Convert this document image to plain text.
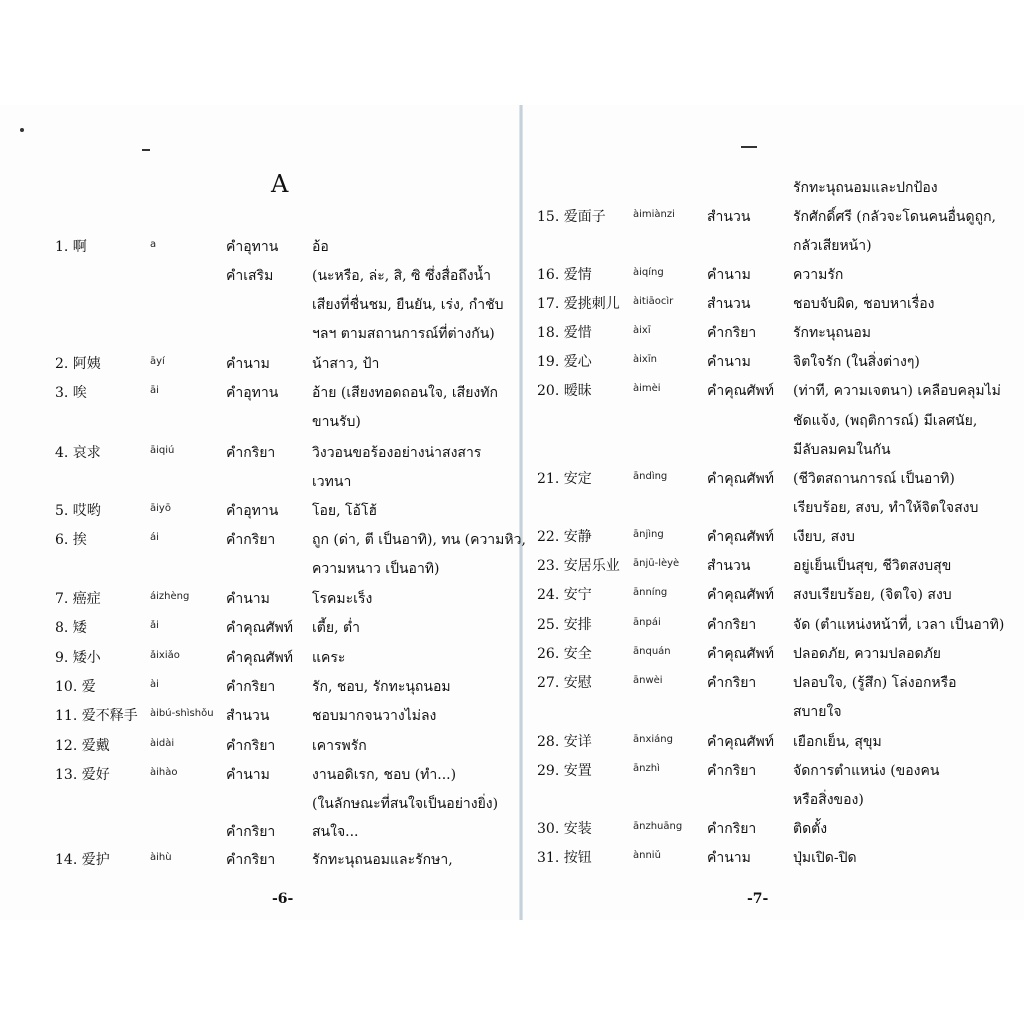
A
1. 啊	a	คำอุทาน อ้อ
คำเสริม	(นะหรือ, ล่ะ, สิ, ซิ ซึ่งสื่อถึงน้ำ
เสียงที่ชื่นชม, ยืนยัน, เร่ง, กำชับ
ฯลฯ ตามสถานการณ์ที่ต่างกัน)
2. 阿姨	āyí	คำนาม	น้าสาว, ป้า
3. 唉	āi	คำอุทาน อ้าย (เสียงทอดถอนใจ, เสียงทัก
ขานรับ)
4. 哀求	āiqiú	คำกริยา	วิงวอนขอร้องอย่างน่าสงสาร
เวทนา
5. 哎哟	āiyō	คำอุทาน โอย, โอ้โฮ้
6. 挨	ái	คำกริยา	ถูก (ด่า, ตี เป็นอาทิ), ทน (ความหิว,
ความหนาว เป็นอาทิ)
7. 癌症	áizhèng	คำนาม	โรคมะเร็ง
8. 矮	ǎi	คำคุณศัพท์ เตี้ย, ต่ำ
9. 矮小	ǎixiǎo	คำคุณศัพท์ แคระ
10. 爱	ài	คำกริยา	รัก, ชอบ, รักทะนุถนอม
11. 爱不释手 àibú-shìshǒu สำนวน	ชอบมากจนวางไม่ลง
12. 爱戴	àidài	คำกริยา	เคารพรัก
13. 爱好	àihào	คำนาม	งานอดิเรก, ชอบ (ทำ...)
(ในลักษณะที่สนใจเป็นอย่างยิ่ง)
คำกริยา	สนใจ...
14. 爱护	àihù	คำกริยา	รักทะนุถนอมและรักษา,
-6-
รักทะนุถนอมและปกป้อง
15. 爱面子	àimiànzi สำนวน	รักศักดิ์ศรี (กลัวจะโดนคนอื่นดูถูก,
กลัวเสียหน้า)
16. 爱情	àiqíng	คำนาม	ความรัก
17. 爱挑刺儿 àitiāocìr สำนวน	ชอบจับผิด, ชอบหาเรื่อง
18. 爱惜	àixī	คำกริยา	รักทะนุถนอม
19. 爱心	àixīn	คำนาม	จิตใจรัก (ในสิ่งต่างๆ)
20. 暧昧	àimèi	คำคุณศัพท์ (ท่าที, ความเจตนา) เคลือบคลุมไม่
ชัดแจ้ง, (พฤติการณ์) มีเลศนัย,
มีลับลมคมในกัน
21. 安定	āndìng	คำคุณศัพท์ (ชีวิตสถานการณ์ เป็นอาทิ)
เรียบร้อย, สงบ, ทำให้จิตใจสงบ
22. 安静	ānjìng	คำคุณศัพท์ เงียบ, สงบ
23. 安居乐业 ānjū-lèyè สำนวน	อยู่เย็นเป็นสุข, ชีวิตสงบสุข
24. 安宁	ānníng	คำคุณศัพท์ สงบเรียบร้อย, (จิตใจ) สงบ
25. 安排	ānpái	คำกริยา	จัด (ตำแหน่งหน้าที่, เวลา เป็นอาทิ)
26. 安全	ānquán	คำคุณศัพท์ ปลอดภัย, ความปลอดภัย
27. 安慰	ānwèi	คำกริยา	ปลอบใจ, (รู้สึก) โล่งอกหรือ
สบายใจ
28. 安详	ānxiáng คำคุณศัพท์ เยือกเย็น, สุขุม
29. 安置	ānzhì	คำกริยา	จัดการตำแหน่ง (ของคน
หรือสิ่งของ)
30. 安装	ānzhuāng คำกริยา	ติดตั้ง
31. 按钮	ànniǔ	คำนาม	ปุ่มเปิด-ปิด
-7-
